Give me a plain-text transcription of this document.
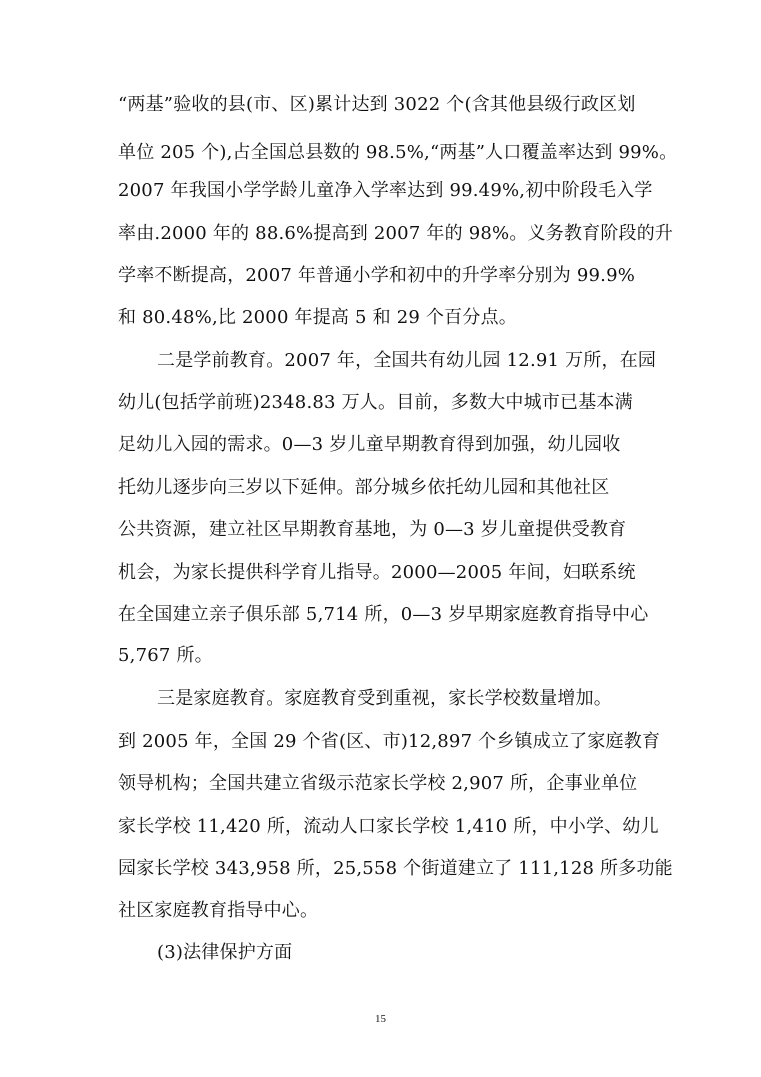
“两基”验收的县(市、区)累计达到 3022 个(含其他县级行政区划
单位 205 个),占全国总县数的 98.5%,“两基”人口覆盖率达到 99%。
2007 年我国小学学龄儿童净入学率达到 99.49%,初中阶段毛入学
率由.2000 年的 88.6%提高到 2007 年的 98%。义务教育阶段的升
学率不断提高，2007 年普通小学和初中的升学率分别为 99.9%
和 80.48%,比 2000 年提高 5 和 29 个百分点。
二是学前教育。2007 年，全国共有幼儿园 12.91 万所，在园
幼儿(包括学前班)2348.83 万人。目前，多数大中城市已基本满
足幼儿入园的需求。0—3 岁儿童早期教育得到加强，幼儿园收
托幼儿逐步向三岁以下延伸。部分城乡依托幼儿园和其他社区
公共资源，建立社区早期教育基地，为 0—3 岁儿童提供受教育
机会，为家长提供科学育儿指导。2000—2005 年间，妇联系统
在全国建立亲子俱乐部 5,714 所，0—3 岁早期家庭教育指导中心
5,767 所。
三是家庭教育。家庭教育受到重视，家长学校数量增加。
到 2005 年，全国 29 个省(区、市)12,897 个乡镇成立了家庭教育
领导机构；全国共建立省级示范家长学校 2,907 所，企事业单位
家长学校 11,420 所，流动人口家长学校 1,410 所，中小学、幼儿
园家长学校 343,958 所，25,558 个街道建立了 111,128 所多功能
社区家庭教育指导中心。
(3)法律保护方面
15
